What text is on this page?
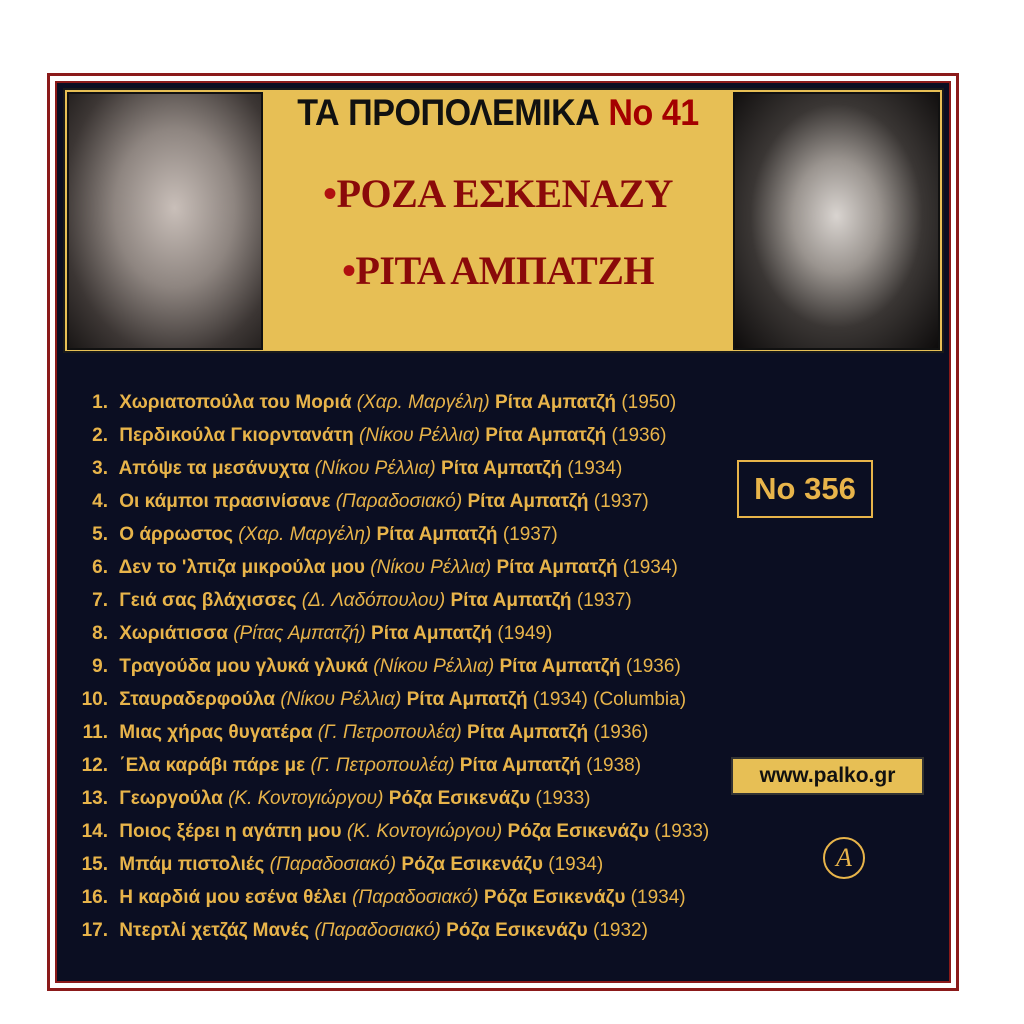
ΤΑ ΠΡΟΠΟΛΕΜΙΚΑ No 41
•ΡΟΖΑ ΕΣΚΕΝΑΖΥ
•ΡΙΤΑ ΑΜΠΑΤΖΗ
1. Χωριατοπούλα του Μοριά (Χαρ. Μαργέλη) Ρίτα Αμπατζή (1950)
2. Περδικούλα Γκιορντανάτη (Νίκου Ρέλλια) Ρίτα Αμπατζή (1936)
3. Απόψε τα μεσάνυχτα (Νίκου Ρέλλια) Ρίτα Αμπατζή (1934)
4. Οι κάμποι πρασινίσανε (Παραδοσιακό) Ρίτα Αμπατζή (1937)
5. Ο άρρωστος (Χαρ. Μαργέλη) Ρίτα Αμπατζή (1937)
6. Δεν το 'λπιζα μικρούλα μου (Νίκου Ρέλλια) Ρίτα Αμπατζή (1934)
7. Γειά σας βλάχισσες (Δ. Λαδόπουλου) Ρίτα Αμπατζή (1937)
8. Χωριάτισσα (Ρίτας Αμπατζή) Ρίτα Αμπατζή (1949)
9. Τραγούδα μου γλυκά γλυκά (Νίκου Ρέλλια) Ρίτα Αμπατζή (1936)
10. Σταυραδερφούλα (Νίκου Ρέλλια) Ρίτα Αμπατζή (1934) (Columbia)
11. Μιας χήρας θυγατέρα (Γ. Πετροπουλέα) Ρίτα Αμπατζή (1936)
12. ΄Ελα καράβι πάρε με (Γ. Πετροπουλέα) Ρίτα Αμπατζή (1938)
13. Γεωργούλα (Κ. Κοντογιώργου) Ρόζα Εσικενάζυ (1933)
14. Ποιος ξέρει η αγάπη μου (Κ. Κοντογιώργου) Ρόζα Εσικενάζυ (1933)
15. Μπάμ πιστολιές (Παραδοσιακό) Ρόζα Εσικενάζυ (1934)
16. Η καρδιά μου εσένα θέλει (Παραδοσιακό) Ρόζα Εσικενάζυ (1934)
17. Ντερτλί χετζάζ Μανές (Παραδοσιακό) Ρόζα Εσικενάζυ (1932)
No 356
www.palko.gr
A
